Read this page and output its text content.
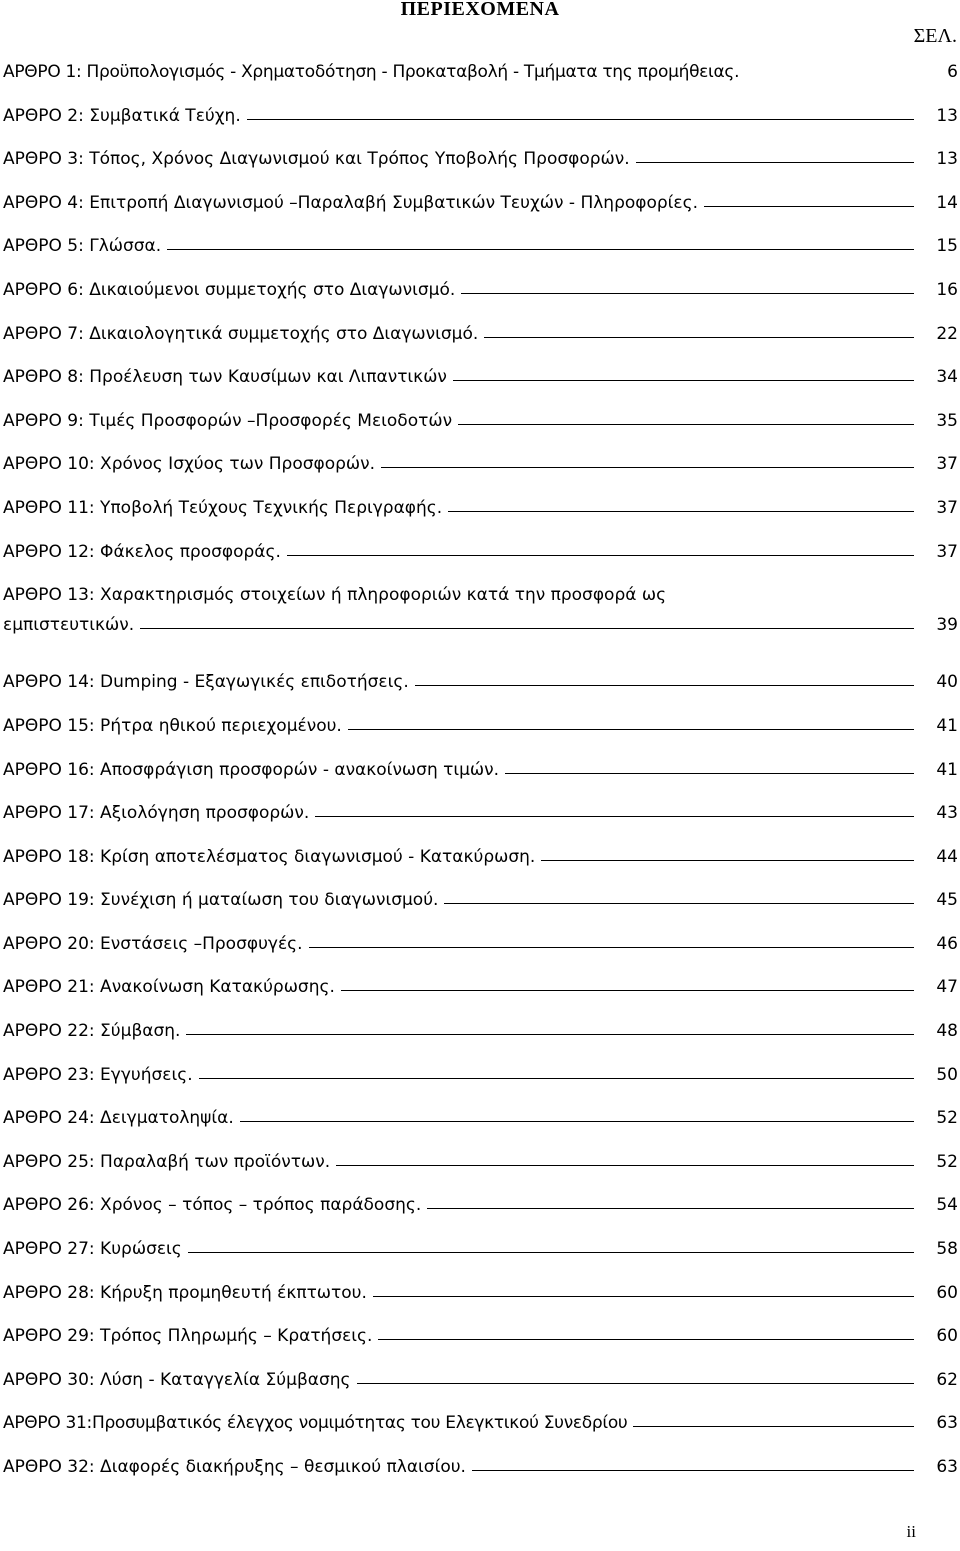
ΠΕΡΙΕΧΟΜΕΝΑ
ΣΕΛ.
ΑΡΘΡΟ 1: Προϋπολογισμός - Χρηματοδότηση - Προκαταβολή - Τμήματα της προμήθειας.	6
ΑΡΘΡΟ 2: Συμβατικά Τεύχη.	13
ΑΡΘΡΟ 3: Τόπος, Χρόνος Διαγωνισμού και Τρόπος Υποβολής Προσφορών.	13
ΑΡΘΡΟ 4: Επιτροπή Διαγωνισμού –Παραλαβή Συμβατικών Τευχών - Πληροφορίες.	14
ΑΡΘΡΟ 5: Γλώσσα.	15
ΑΡΘΡΟ 6: Δικαιούμενοι συμμετοχής στο Διαγωνισμό.	16
ΑΡΘΡΟ 7: Δικαιολογητικά συμμετοχής στο Διαγωνισμό.	22
ΑΡΘΡΟ 8: Προέλευση των Καυσίμων και Λιπαντικών	34
ΑΡΘΡΟ 9: Τιμές Προσφορών –Προσφορές Μειοδοτών	35
ΑΡΘΡΟ 10: Χρόνος Ισχύος των Προσφορών.	37
ΑΡΘΡΟ 11: Υποβολή Τεύχους Τεχνικής Περιγραφής.	37
ΑΡΘΡΟ 12: Φάκελος προσφοράς.	37
ΑΡΘΡΟ 13: Χαρακτηρισμός στοιχείων ή πληροφοριών κατά την προσφορά ως
εμπιστευτικών.	39
ΑΡΘΡΟ 14: Dumping - Εξαγωγικές επιδοτήσεις.	40
ΑΡΘΡΟ 15: Ρήτρα ηθικού περιεχομένου.	41
ΑΡΘΡΟ 16: Αποσφράγιση προσφορών - ανακοίνωση τιμών.	41
ΑΡΘΡΟ 17: Αξιολόγηση προσφορών.	43
ΑΡΘΡΟ 18: Κρίση αποτελέσματος διαγωνισμού - Κατακύρωση.	44
ΑΡΘΡΟ 19: Συνέχιση ή ματαίωση του διαγωνισμού.	45
ΑΡΘΡΟ 20: Ενστάσεις –Προσφυγές.	46
ΑΡΘΡΟ 21: Ανακοίνωση Κατακύρωσης.	47
ΑΡΘΡΟ 22: Σύμβαση.	48
ΑΡΘΡΟ 23: Εγγυήσεις.	50
ΑΡΘΡΟ 24: Δειγματοληψία.	52
ΑΡΘΡΟ 25: Παραλαβή των προϊόντων.	52
ΑΡΘΡΟ 26: Χρόνος – τόπος – τρόπος παράδοσης.	54
ΑΡΘΡΟ 27: Κυρώσεις	58
ΑΡΘΡΟ 28: Κήρυξη προμηθευτή έκπτωτου.	60
ΑΡΘΡΟ 29: Τρόπος Πληρωμής – Κρατήσεις.	60
ΑΡΘΡΟ 30: Λύση - Καταγγελία Σύμβασης	62
ΑΡΘΡΟ 31:Προσυμβατικός έλεγχος νομιμότητας του Ελεγκτικού Συνεδρίου	63
ΑΡΘΡΟ 32: Διαφορές διακήρυξης – θεσμικού πλαισίου.	63
ii
